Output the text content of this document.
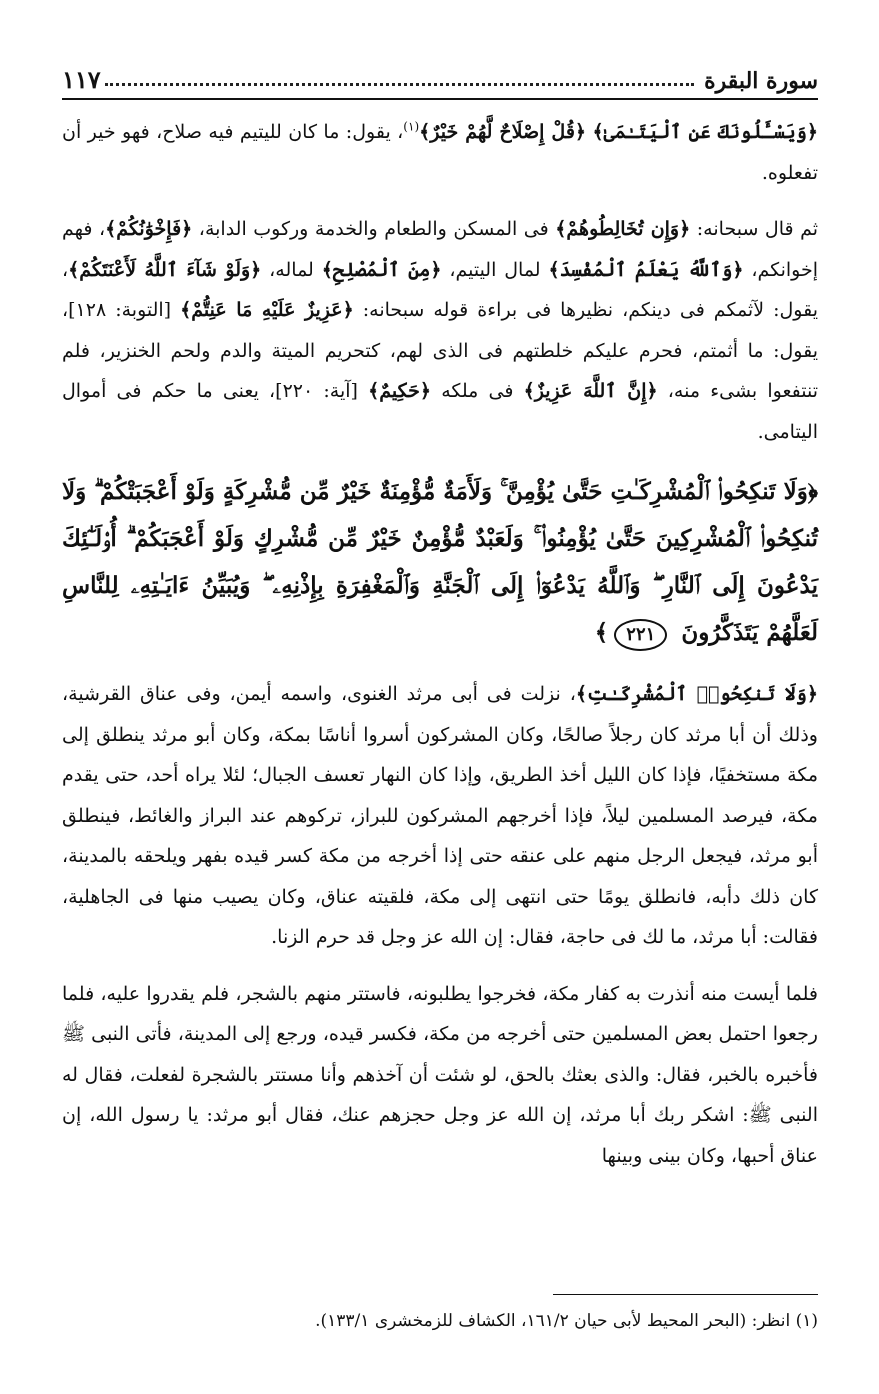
سورة البقرة
١١٧

﴿وَيَسْـَٔلُونَكَ عَنِ ٱلْيَتَـٰمَىٰ﴾ ﴿قُلْ إِصْلَاحٌ لَّهُمْ خَيْرٌ﴾$^{(١)}$، يقول: ما كان لليتيم فيه صلاح، فهو خير أن تفعلوه.

ثم قال سبحانه: ﴿وَإِن تُخَالِطُوهُمْ﴾ فى المسكن والطعام والخدمة وركوب الدابة، ﴿فَإِخْوَٰنُكُمْ﴾، فهم إخوانكم، ﴿وَٱللَّهُ يَعْلَمُ ٱلْمُفْسِدَ﴾ لمال اليتيم، ﴿مِنَ ٱلْمُصْلِحِ﴾ لماله، ﴿وَلَوْ شَآءَ ٱللَّهُ لَأَعْنَتَكُمْ﴾، يقول: لآثمكم فى دينكم، نظيرها فى براءة قوله سبحانه: ﴿عَزِيزٌ عَلَيْهِ مَا عَنِتُّمْ﴾ [التوبة: ١٢٨]، يقول: ما أثمتم، فحرم عليكم خلطتهم فى الذى لهم، كتحريم الميتة والدم ولحم الخنزير، فلم تنتفعوا بشىء منه، ﴿إِنَّ ٱللَّهَ عَزِيزٌ﴾ فى ملكه ﴿حَكِيمٌ﴾ [آية: ٢٢٠]، يعنى ما حكم فى أموال اليتامى.

﴿وَلَا تَنكِحُوا۟ ٱلْمُشْرِكَـٰتِ حَتَّىٰ يُؤْمِنَّ ۚ وَلَأَمَةٌ مُّؤْمِنَةٌ خَيْرٌ مِّن مُّشْرِكَةٍ وَلَوْ أَعْجَبَتْكُمْ ۗ وَلَا تُنكِحُوا۟ ٱلْمُشْرِكِينَ حَتَّىٰ يُؤْمِنُوا۟ ۚ وَلَعَبْدٌ مُّؤْمِنٌ خَيْرٌ مِّن مُّشْرِكٍ وَلَوْ أَعْجَبَكُمْ ۗ أُو۟لَـٰٓئِكَ يَدْعُونَ إِلَى ٱلنَّارِ ۖ وَٱللَّهُ يَدْعُوٓا۟ إِلَى ٱلْجَنَّةِ وَٱلْمَغْفِرَةِ بِإِذْنِهِۦ ۖ وَيُبَيِّنُ ءَايَـٰتِهِۦ لِلنَّاسِ لَعَلَّهُمْ يَتَذَكَّرُونَ ٢٢١﴾

﴿وَلَا تَنكِحُوا۟ ٱلْمُشْرِكَـٰتِ﴾، نزلت فى أبى مرثد الغنوى، واسمه أيمن، وفى عناق القرشية، وذلك أن أبا مرثد كان رجلاً صالحًا، وكان المشركون أسروا أناسًا بمكة، وكان أبو مرثد ينطلق إلى مكة مستخفيًا، فإذا كان الليل أخذ الطريق، وإذا كان النهار تعسف الجبال؛ لئلا يراه أحد، حتى يقدم مكة، فيرصد المسلمين ليلاً، فإذا أخرجهم المشركون للبراز، تركوهم عند البراز والغائط، فينطلق أبو مرثد، فيجعل الرجل منهم على عنقه حتى إذا أخرجه من مكة كسر قيده بفهر ويلحقه بالمدينة، كان ذلك دأبه، فانطلق يومًا حتى انتهى إلى مكة، فلقيته عناق، وكان يصيب منها فى الجاهلية، فقالت: أبا مرثد، ما لك فى حاجة، فقال: إن الله عز وجل قد حرم الزنا.

فلما أيست منه أنذرت به كفار مكة، فخرجوا يطلبونه، فاستتر منهم بالشجر، فلم يقدروا عليه، فلما رجعوا احتمل بعض المسلمين حتى أخرجه من مكة، فكسر قيده، ورجع إلى المدينة، فأتى النبى ﷺ فأخبره بالخبر، فقال: والذى بعثك بالحق، لو شئت أن آخذهم وأنا مستتر بالشجرة لفعلت، فقال له النبى ﷺ: اشكر ربك أبا مرثد، إن الله عز وجل حجزهم عنك، فقال أبو مرثد: يا رسول الله، إن عناق أحبها، وكان بينى وبينها

(١) انظر: (البحر المحيط لأبى حيان ١٦١/٢، الكشاف للزمخشرى ١٣٣/١).
